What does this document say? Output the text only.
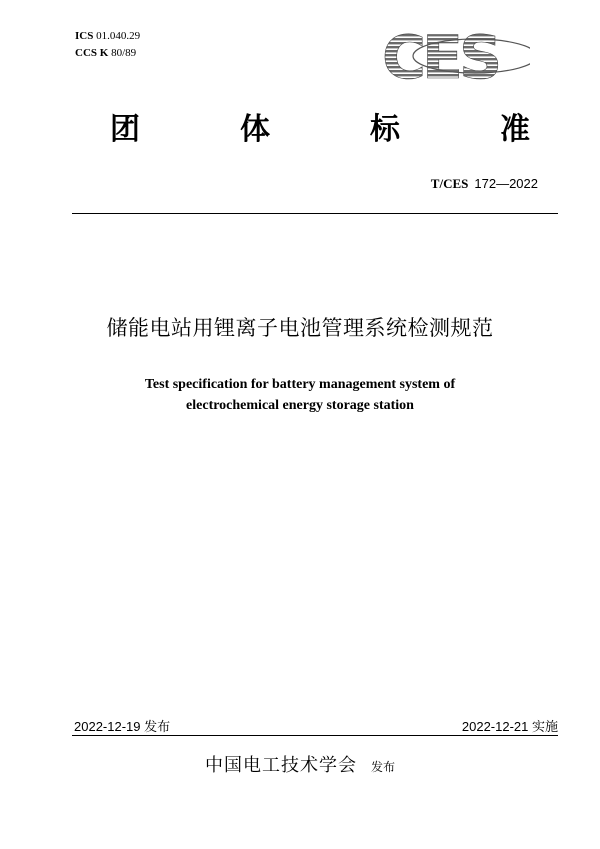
ICS 01.040.29
CCS K 80/89	CES
团	体	标	准
T/CES 172—2022
储能电站用锂离子电池管理系统检测规范
Test specification for battery management system of
electrochemical energy storage station
2022-12-19 发布	2022-12-21 实施
中国电工技术学会 发布
